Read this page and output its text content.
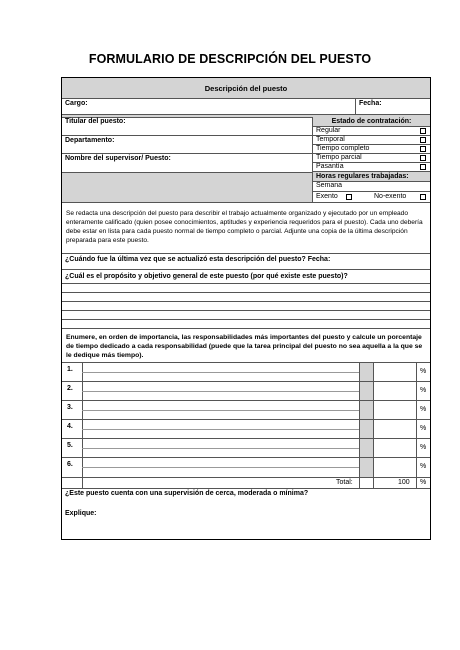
FORMULARIO DE DESCRIPCIÓN DEL PUESTO
Descripción del puesto
Cargo:	Fecha:
Titular del puesto:
Departamento:
Nombre del supervisor/ Puesto:
Estado de contratación:
Regular
Temporal
Tiempo completo
Tiempo parcial
Pasantía
Horas regulares trabajadas:
Semana
Exento	No-exento
Se redacta una descripción del puesto para describir el trabajo actualmente organizado y ejecutado por un empleado enteramente calificado (quien posee conocimientos, aptitudes y experiencia requeridos para el puesto). Cada uno debería debe estar en lista para cada puesto normal de tiempo completo o parcial. Adjunte una copia de la última descripción preparada para este puesto.
¿Cuándo fue la última vez que se actualizó esta descripción del puesto? Fecha:
¿Cuál es el propósito y objetivo general de este puesto (por qué existe este puesto)?
Enumere, en orden de importancia, las responsabilidades más importantes del puesto y calcule un porcentaje de tiempo dedicado a cada responsabilidad (puede que la tarea principal del puesto no sea aquella a la que se le dedique más tiempo).
1.	%
2.	%
3.	%
4.	%
5.	%
6.	%
Total:	100 %
¿Este puesto cuenta con una supervisión de cerca, moderada o mínima?
Explique:
